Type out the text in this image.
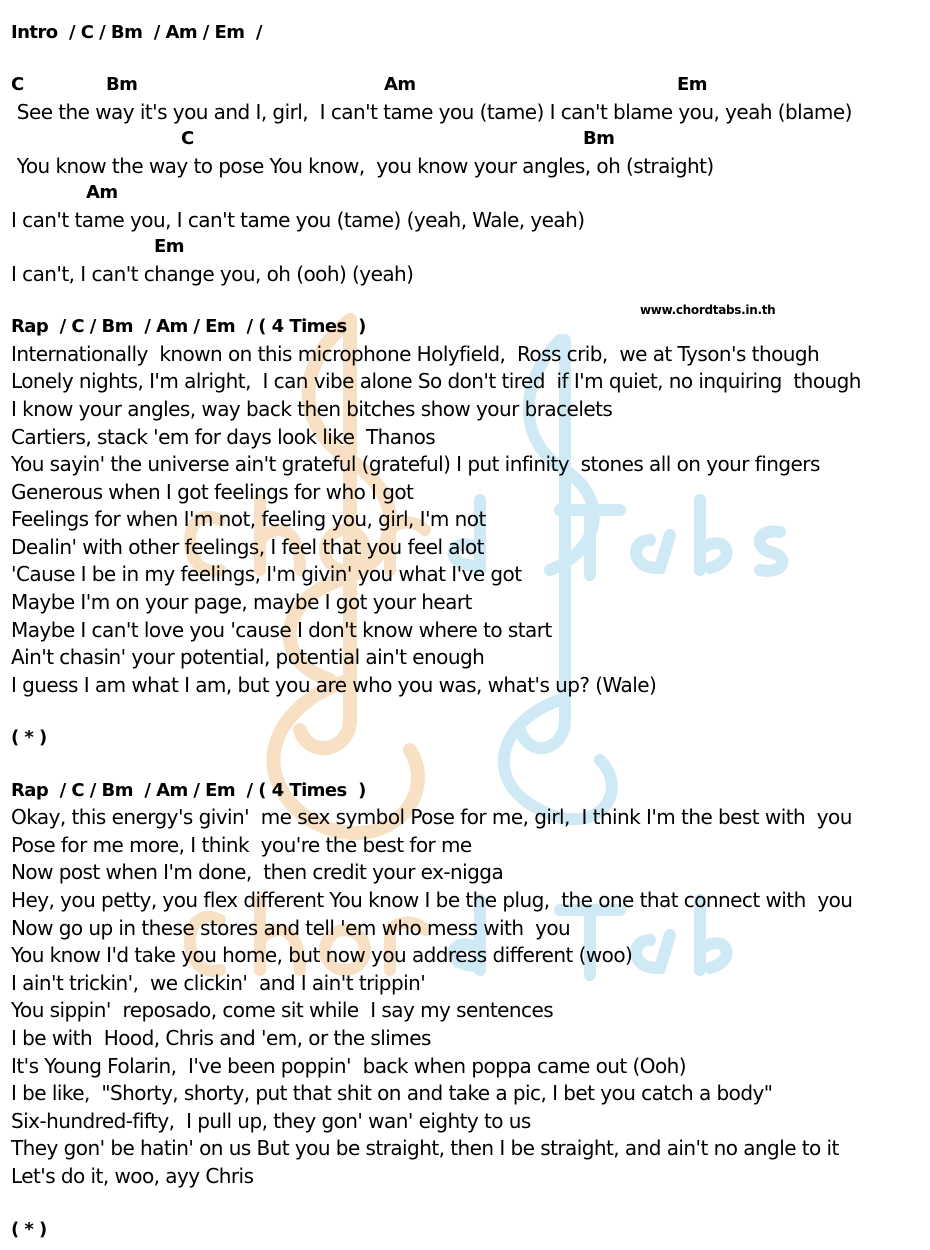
www.chordtabs.in.th
Intro  / C / Bm  / Am / Em  /

C

	Bm

	Am

	Em

See the way it's you and I, girl,  I can't tame you (tame) I can't blame you, yeah (blame)

C

	Bm

You know the way to pose You know,  you know your angles, oh (straight)

Am

I can't tame you, I can't tame you (tame) (yeah, Wale, yeah)

Em

I can't, I can't change you, oh (ooh) (yeah)
Rap  / C / Bm  / Am / Em  / ( 4 Times  )
Internationally  known on this microphone Holyfield,  Ross crib,  we at Tyson's though
Lonely nights, I'm alright,  I can vibe alone So don't tired  if I'm quiet, no inquiring  though
I know your angles, way back then bitches show your bracelets
Cartiers, stack 'em for days look like  Thanos
You sayin' the universe ain't grateful (grateful) I put infinity  stones all on your fingers
Generous when I got feelings for who I got
Feelings for when I'm not, feeling you, girl, I'm not
Dealin' with other feelings, I feel that you feel alot
'Cause I be in my feelings, I'm givin' you what I've got
Maybe I'm on your page, maybe I got your heart
Maybe I can't love you 'cause I don't know where to start
Ain't chasin' your potential, potential ain't enough
I guess I am what I am, but you are who you was, what's up? (Wale)
( * )
Rap  / C / Bm  / Am / Em  / ( 4 Times  )
Okay, this energy's givin'  me sex symbol Pose for me, girl,  I think I'm the best with  you
Pose for me more, I think  you're the best for me
Now post when I'm done,  then credit your ex-nigga
Hey, you petty, you flex different You know I be the plug,  the one that connect with  you
Now go up in these stores and tell 'em who mess with  you
You know I'd take you home, but now you address different (woo)
I ain't trickin',  we clickin'  and I ain't trippin'
You sippin'  reposado, come sit while  I say my sentences
I be with  Hood, Chris and 'em, or the slimes
It's Young Folarin,  I've been poppin'  back when poppa came out (Ooh)
I be like,  "Shorty, shorty, put that shit on and take a pic, I bet you catch a body"
Six-hundred-fifty,  I pull up, they gon' wan' eighty to us
They gon' be hatin' on us But you be straight, then I be straight, and ain't no angle to it
Let's do it, woo, ayy Chris
( * )
